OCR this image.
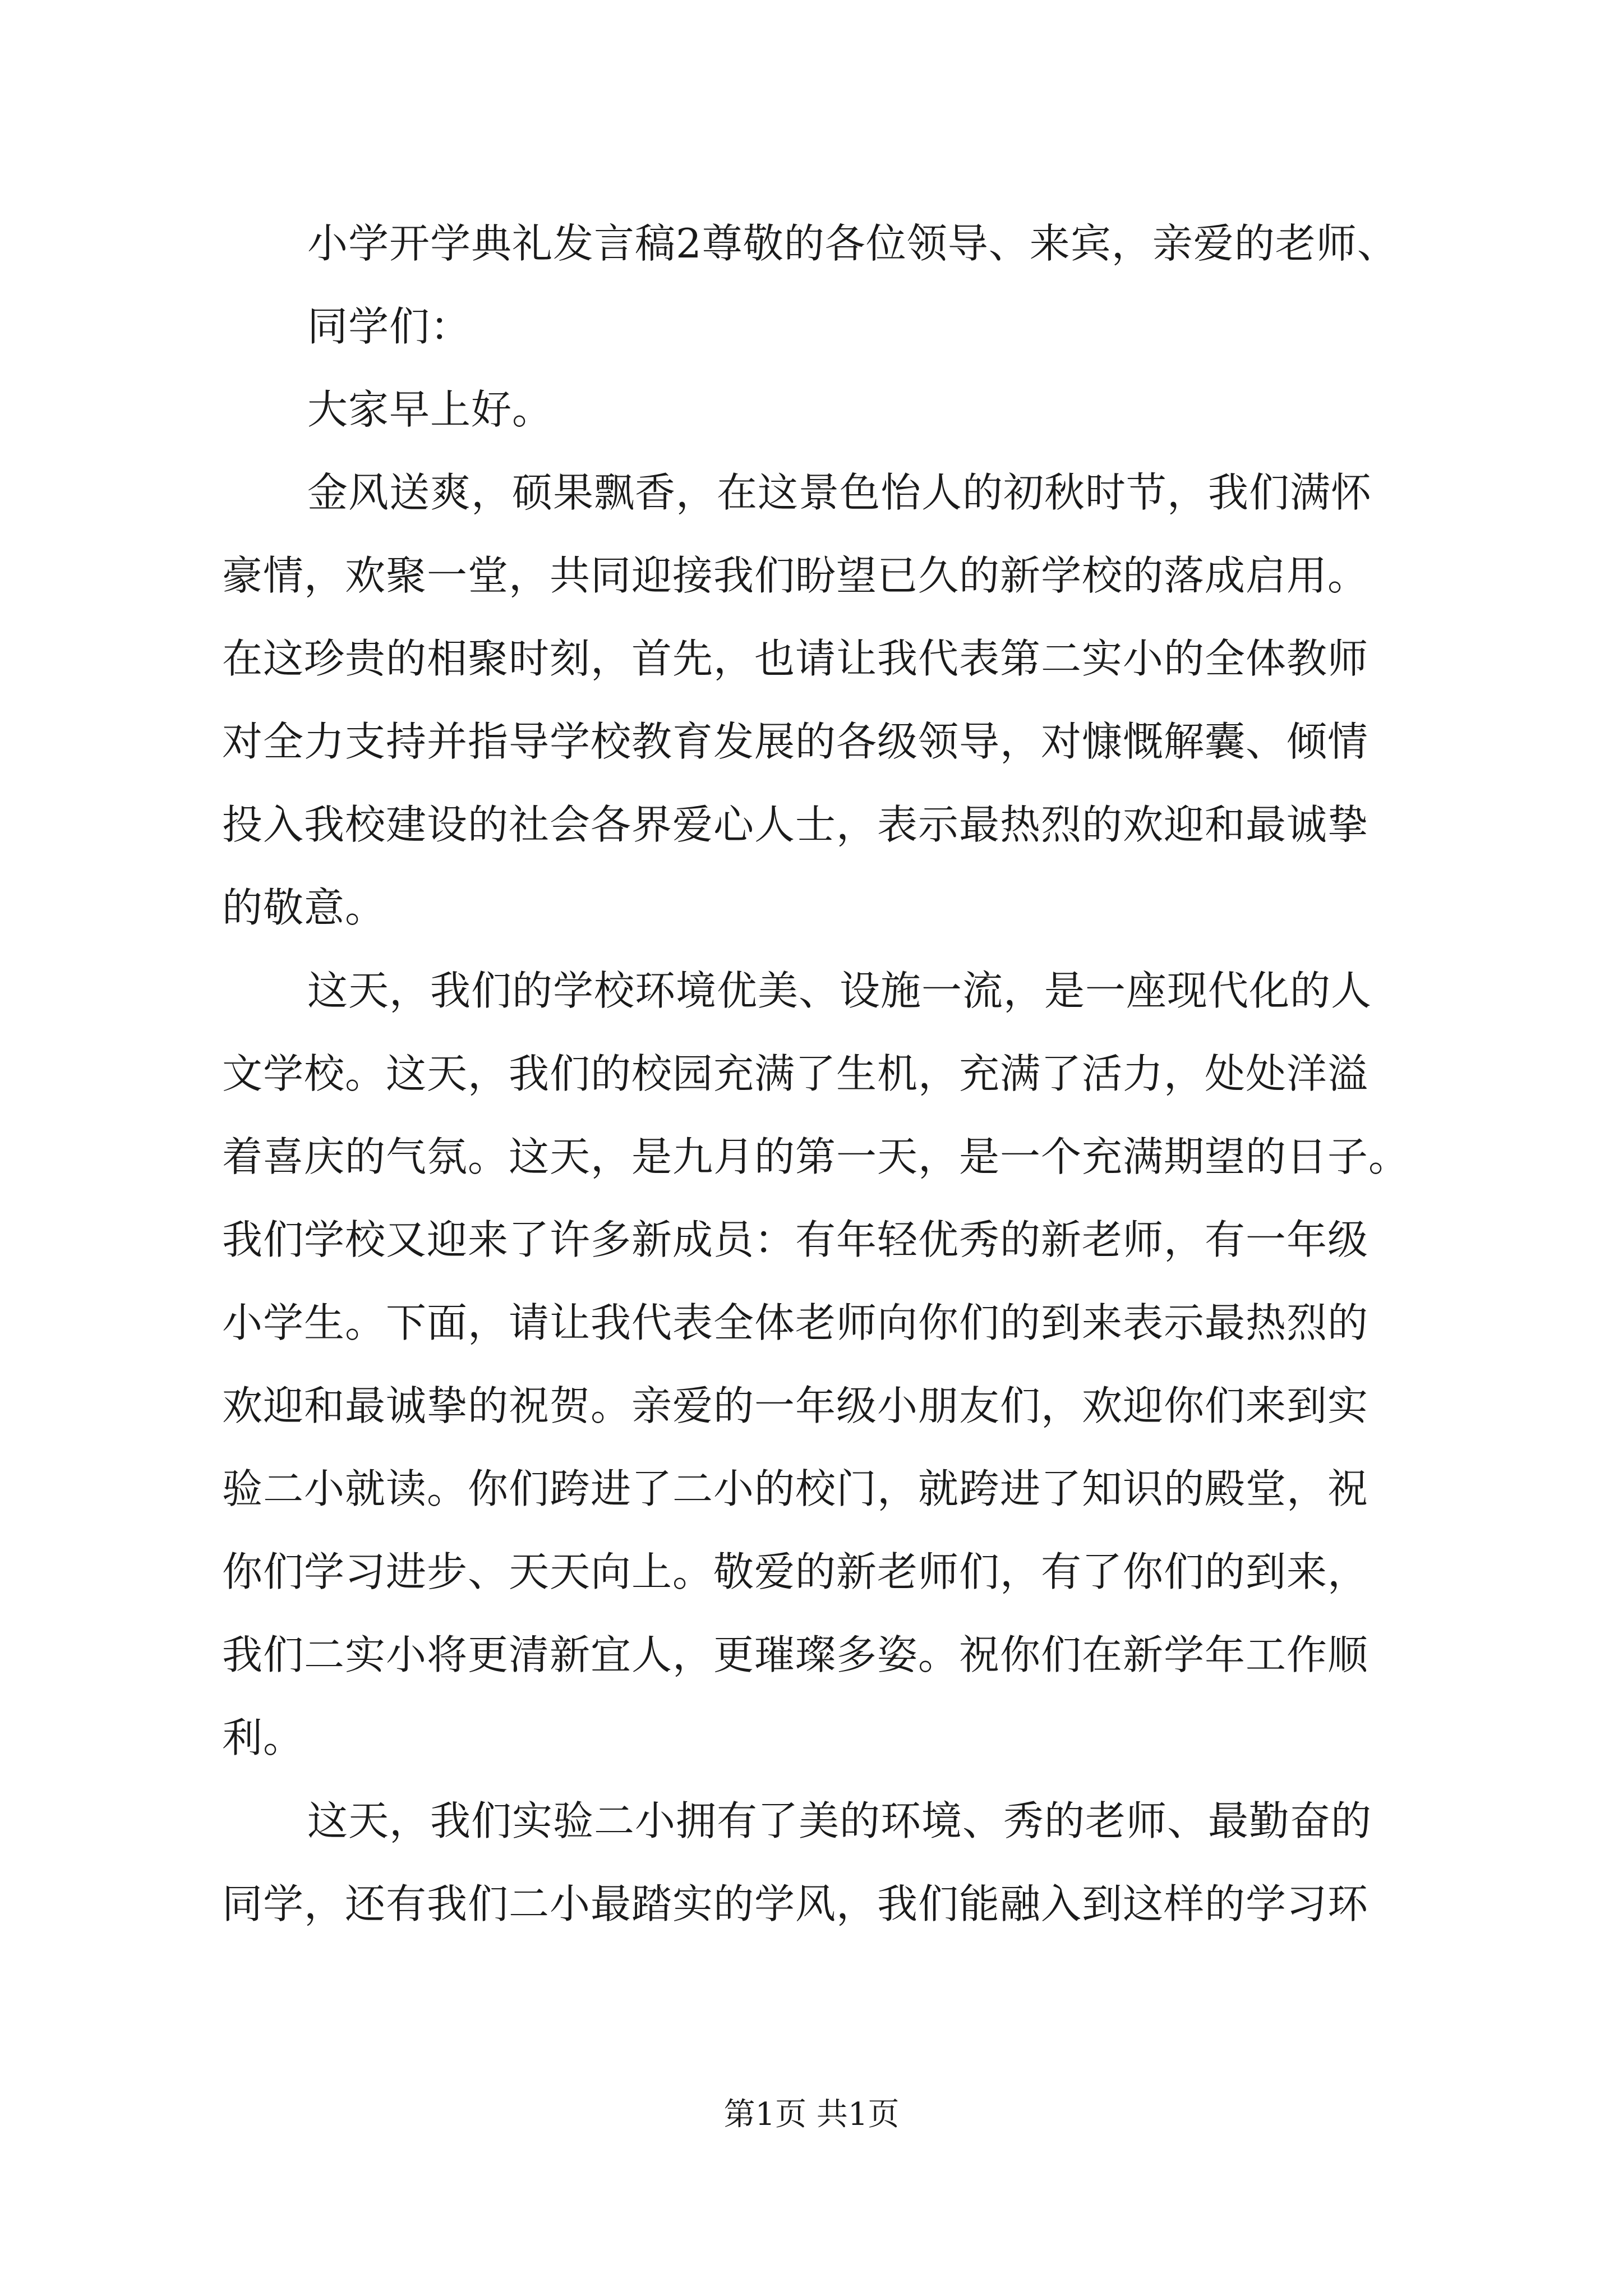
小学开学典礼发言稿2尊敬的各位领导、来宾，亲爱的老师、
同学们：
大家早上好。
金风送爽，硕果飘香，在这景色怡人的初秋时节，我们满怀
豪情，欢聚一堂，共同迎接我们盼望已久的新学校的落成启用。
在这珍贵的相聚时刻，首先，也请让我代表第二实小的全体教师
对全力支持并指导学校教育发展的各级领导，对慷慨解囊、倾情
投入我校建设的社会各界爱心人士，表示最热烈的欢迎和最诚挚
的敬意。
这天，我们的学校环境优美、设施一流，是一座现代化的人
文学校。这天，我们的校园充满了生机，充满了活力，处处洋溢
着喜庆的气氛。这天，是九月的第一天，是一个充满期望的日子。
我们学校又迎来了许多新成员：有年轻优秀的新老师，有一年级
小学生。下面，请让我代表全体老师向你们的到来表示最热烈的
欢迎和最诚挚的祝贺。亲爱的一年级小朋友们，欢迎你们来到实
验二小就读。你们跨进了二小的校门，就跨进了知识的殿堂，祝
你们学习进步、天天向上。敬爱的新老师们，有了你们的到来，
我们二实小将更清新宜人，更璀璨多姿。祝你们在新学年工作顺
利。
这天，我们实验二小拥有了美的环境、秀的老师、最勤奋的
同学，还有我们二小最踏实的学风，我们能融入到这样的学习环
第1页 共1页
